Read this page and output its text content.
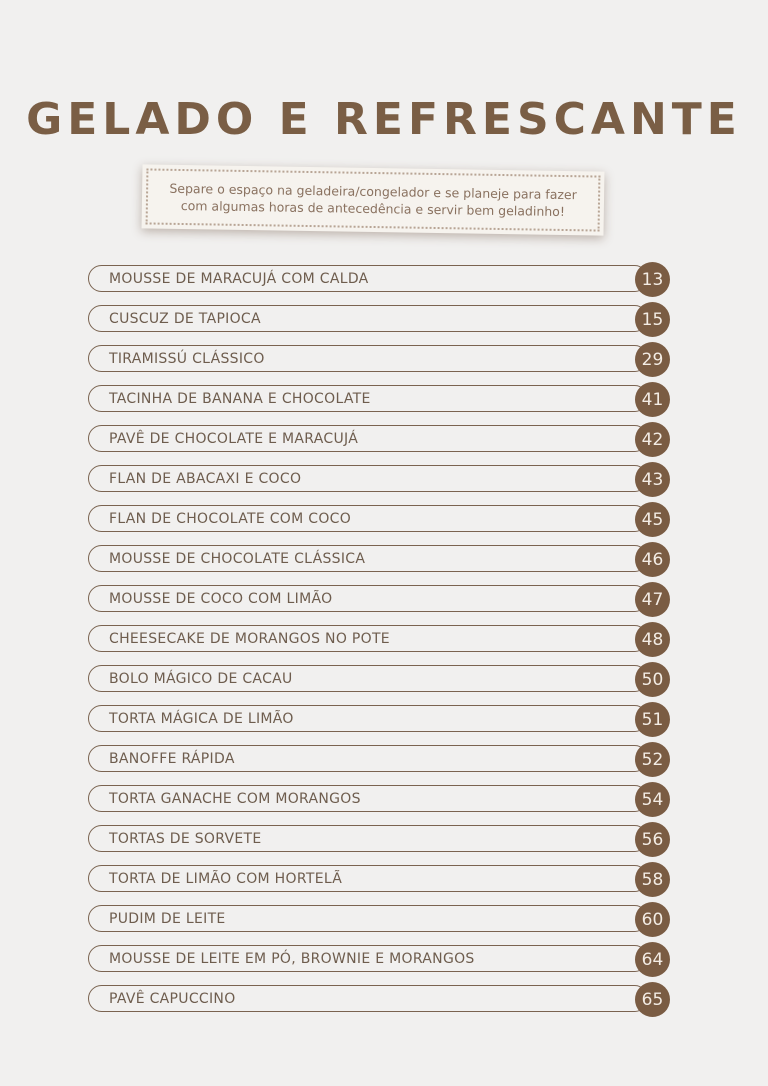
GELADO E REFRESCANTE
Separe o espaço na geladeira/congelador e se planeje para fazer com algumas horas de antecedência e servir bem geladinho!
MOUSSE DE MARACUJÁ COM CALDA	13
CUSCUZ DE TAPIOCA	15
TIRAMISSÚ CLÁSSICO	29
TACINHA DE BANANA E CHOCOLATE	41
PAVÊ DE CHOCOLATE E MARACUJÁ	42
FLAN DE ABACAXI E COCO	43
FLAN DE CHOCOLATE COM COCO	45
MOUSSE DE CHOCOLATE CLÁSSICA	46
MOUSSE DE COCO COM LIMÃO	47
CHEESECAKE DE MORANGOS NO POTE	48
BOLO MÁGICO DE CACAU	50
TORTA MÁGICA DE LIMÃO	51
BANOFFE RÁPIDA	52
TORTA GANACHE COM MORANGOS	54
TORTAS DE SORVETE	56
TORTA DE LIMÃO COM HORTELÃ	58
PUDIM DE LEITE	60
MOUSSE DE LEITE EM PÓ, BROWNIE E MORANGOS	64
PAVÊ CAPUCCINO	65
